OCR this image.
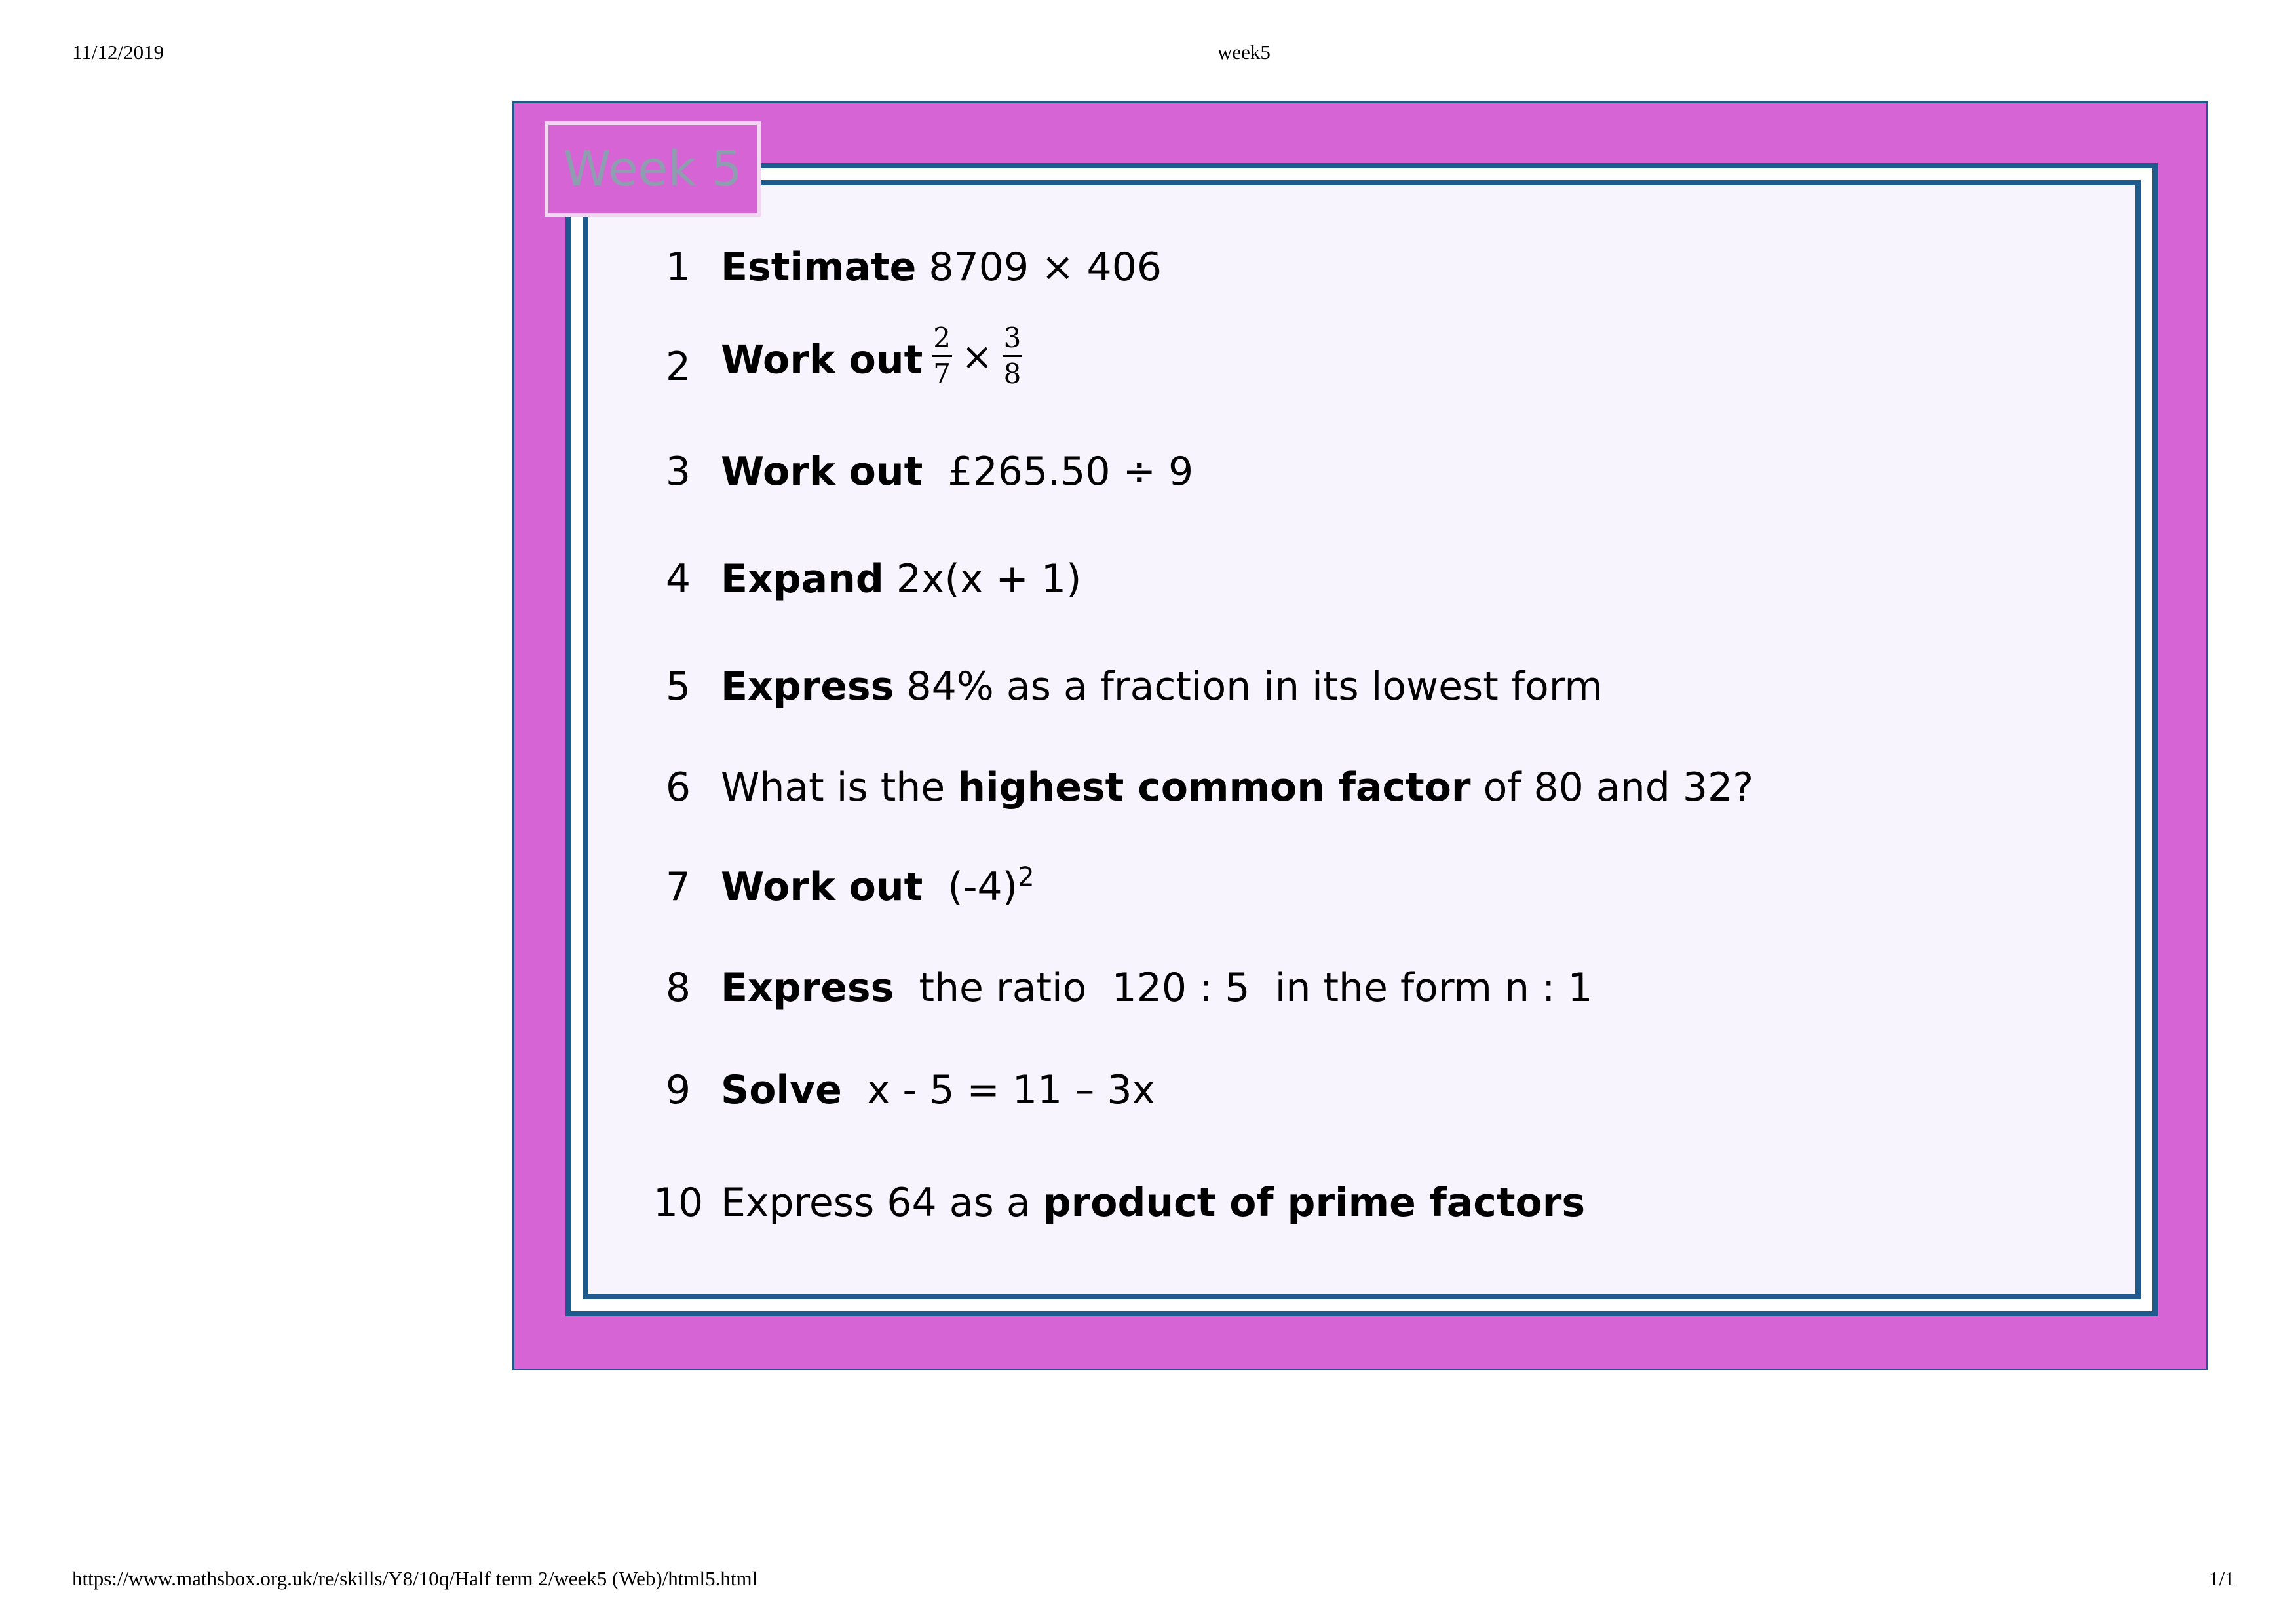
11/12/2019	week5
Week 5
1 Estimate 8709 × 406
2 Work out $\frac{2}{7} \times \frac{3}{8}$
3 Work out  £265.50 ÷ 9
4 Expand 2x(x + 1)
5 Express 84% as a fraction in its lowest form
6 What is the highest common factor of 80 and 32?
7 Work out  $(-4)^2$
8 Express  the ratio  120 : 5  in the form n : 1
9 Solve  x - 5 = 11 – 3x
10 Express 64 as a product of prime factors
https://www.mathsbox.org.uk/re/skills/Y8/10q/Half term 2/week5 (Web)/html5.html	1/1
